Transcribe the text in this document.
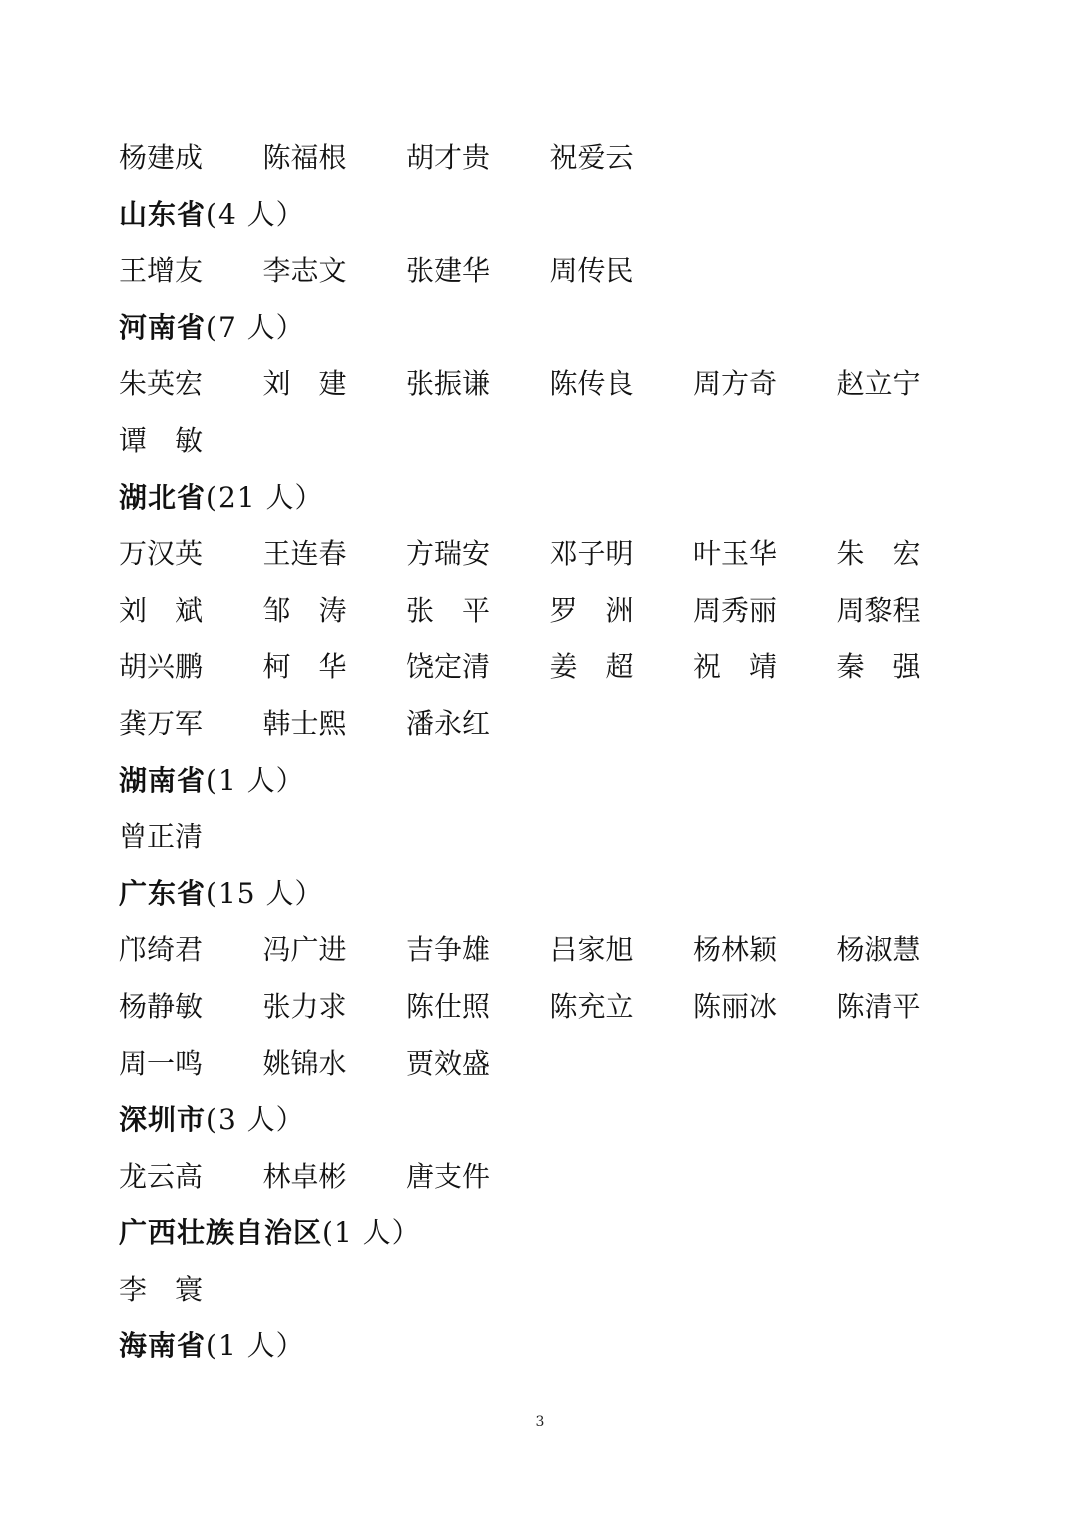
杨建成 陈福根 胡才贵 祝爱云
山东省(4 人）
王增友 李志文 张建华 周传民
河南省(7 人）
朱英宏 刘　建 张振谦 陈传良 周方奇 赵立宁
谭　敏
湖北省(21 人）
万汉英 王连春 方瑞安 邓子明 叶玉华 朱　宏
刘　斌 邹　涛 张　平 罗　洲 周秀丽 周黎程
胡兴鹏 柯　华 饶定清 姜　超 祝　靖 秦　强
龚万军 韩士熙 潘永红
湖南省(1 人）
曾正清
广东省(15 人）
邝绮君 冯广进 吉争雄 吕家旭 杨林颖 杨淑慧
杨静敏 张力求 陈仕照 陈充立 陈丽冰 陈清平
周一鸣 姚锦水 贾效盛
深圳市(3 人）
龙云高 林卓彬 唐支件
广西壮族自治区(1 人）
李　寰
海南省(1 人）
3
